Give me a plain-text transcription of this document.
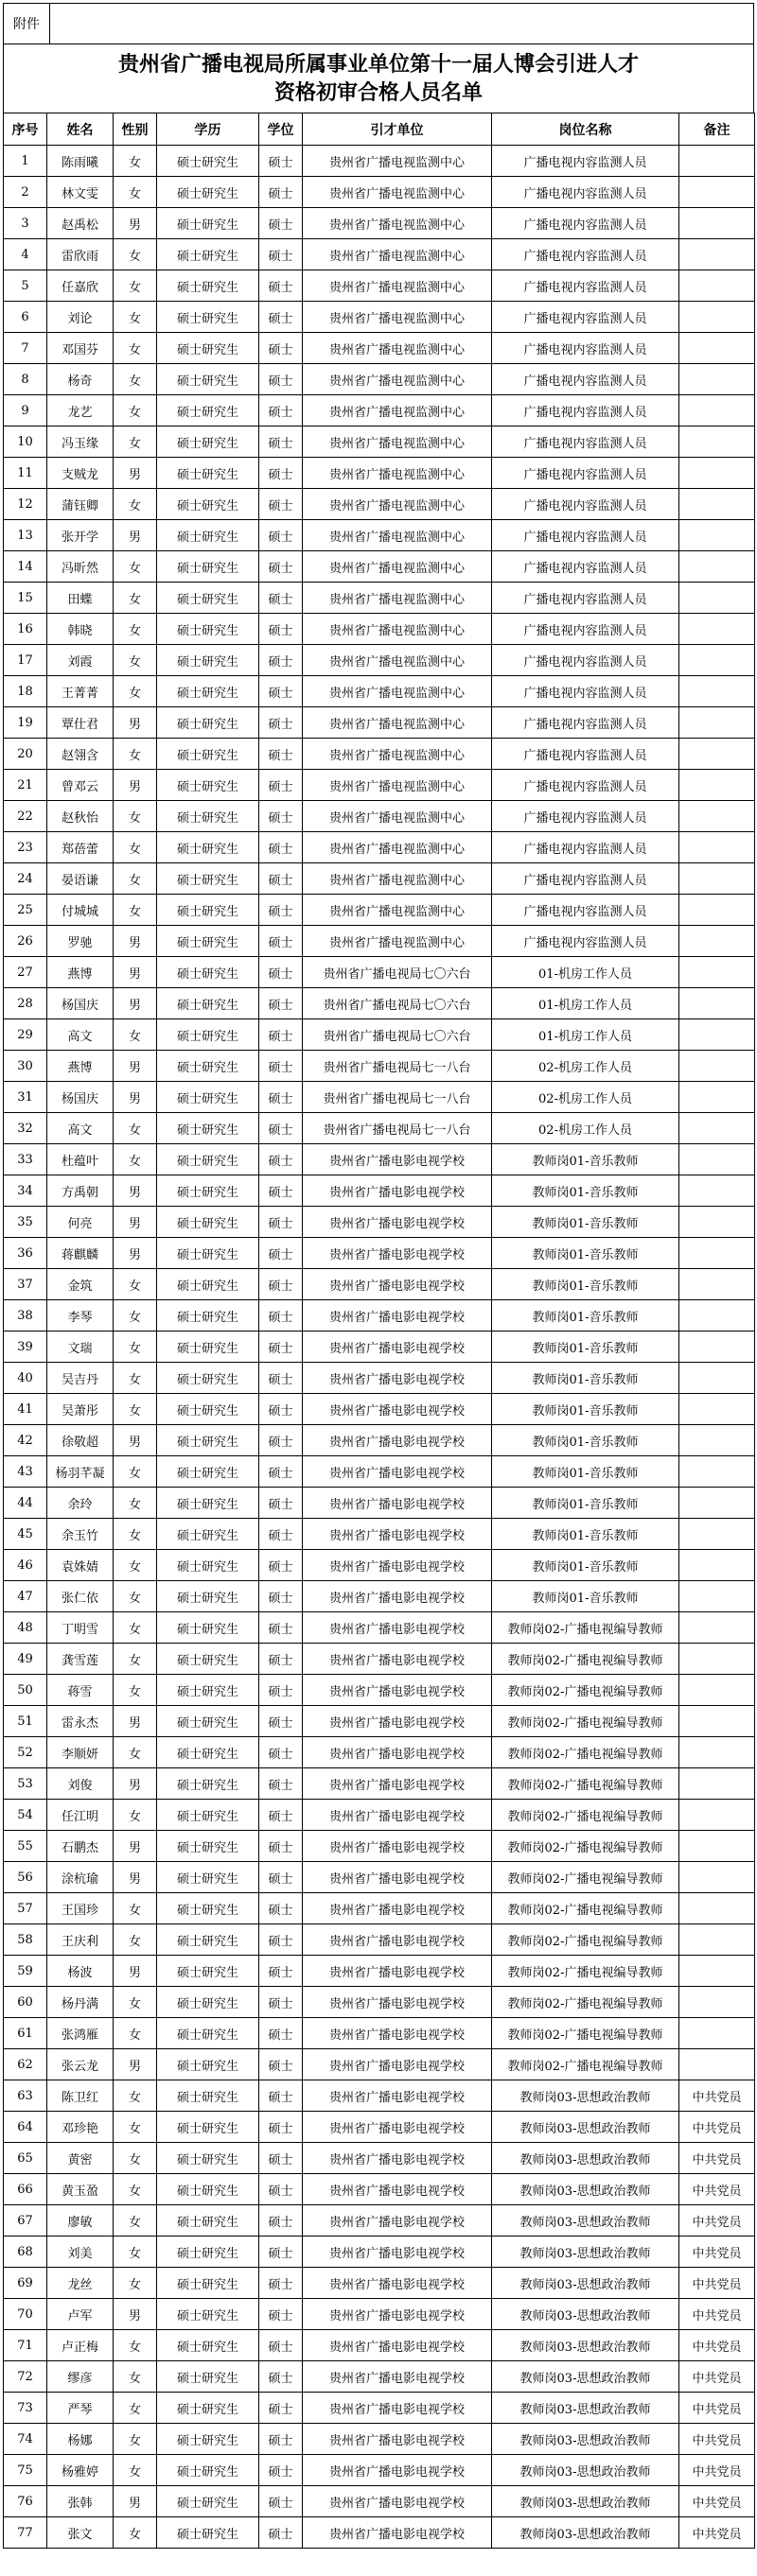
附件
贵州省广播电视局所属事业单位第十一届人博会引进人才
资格初审合格人员名单
序号	姓名	性别	学历	学位	引才单位	岗位名称	备注
1	陈雨曦	女	硕士研究生	硕士	贵州省广播电视监测中心	广播电视内容监测人员	
2	林文雯	女	硕士研究生	硕士	贵州省广播电视监测中心	广播电视内容监测人员	
3	赵禹松	男	硕士研究生	硕士	贵州省广播电视监测中心	广播电视内容监测人员	
4	雷欣雨	女	硕士研究生	硕士	贵州省广播电视监测中心	广播电视内容监测人员	
5	任嘉欣	女	硕士研究生	硕士	贵州省广播电视监测中心	广播电视内容监测人员	
6	刘论	女	硕士研究生	硕士	贵州省广播电视监测中心	广播电视内容监测人员	
7	邓国芬	女	硕士研究生	硕士	贵州省广播电视监测中心	广播电视内容监测人员	
8	杨奇	女	硕士研究生	硕士	贵州省广播电视监测中心	广播电视内容监测人员	
9	龙艺	女	硕士研究生	硕士	贵州省广播电视监测中心	广播电视内容监测人员	
10	冯玉缘	女	硕士研究生	硕士	贵州省广播电视监测中心	广播电视内容监测人员	
11	支贼龙	男	硕士研究生	硕士	贵州省广播电视监测中心	广播电视内容监测人员	
12	蒲钰卿	女	硕士研究生	硕士	贵州省广播电视监测中心	广播电视内容监测人员	
13	张开学	男	硕士研究生	硕士	贵州省广播电视监测中心	广播电视内容监测人员	
14	冯昕然	女	硕士研究生	硕士	贵州省广播电视监测中心	广播电视内容监测人员	
15	田蝶	女	硕士研究生	硕士	贵州省广播电视监测中心	广播电视内容监测人员	
16	韩晓	女	硕士研究生	硕士	贵州省广播电视监测中心	广播电视内容监测人员	
17	刘霞	女	硕士研究生	硕士	贵州省广播电视监测中心	广播电视内容监测人员	
18	王菁菁	女	硕士研究生	硕士	贵州省广播电视监测中心	广播电视内容监测人员	
19	覃仕君	男	硕士研究生	硕士	贵州省广播电视监测中心	广播电视内容监测人员	
20	赵翎含	女	硕士研究生	硕士	贵州省广播电视监测中心	广播电视内容监测人员	
21	曾邓云	男	硕士研究生	硕士	贵州省广播电视监测中心	广播电视内容监测人员	
22	赵秋怡	女	硕士研究生	硕士	贵州省广播电视监测中心	广播电视内容监测人员	
23	郑蓓蕾	女	硕士研究生	硕士	贵州省广播电视监测中心	广播电视内容监测人员	
24	晏语谦	女	硕士研究生	硕士	贵州省广播电视监测中心	广播电视内容监测人员	
25	付城城	女	硕士研究生	硕士	贵州省广播电视监测中心	广播电视内容监测人员	
26	罗驰	男	硕士研究生	硕士	贵州省广播电视监测中心	广播电视内容监测人员	
27	燕博	男	硕士研究生	硕士	贵州省广播电视局七〇六台	01-机房工作人员	
28	杨国庆	男	硕士研究生	硕士	贵州省广播电视局七〇六台	01-机房工作人员	
29	高文	女	硕士研究生	硕士	贵州省广播电视局七〇六台	01-机房工作人员	
30	燕博	男	硕士研究生	硕士	贵州省广播电视局七一八台	02-机房工作人员	
31	杨国庆	男	硕士研究生	硕士	贵州省广播电视局七一八台	02-机房工作人员	
32	高文	女	硕士研究生	硕士	贵州省广播电视局七一八台	02-机房工作人员	
33	杜蕴叶	女	硕士研究生	硕士	贵州省广播电影电视学校	教师岗01-音乐教师	
34	方禹朝	男	硕士研究生	硕士	贵州省广播电影电视学校	教师岗01-音乐教师	
35	何亮	男	硕士研究生	硕士	贵州省广播电影电视学校	教师岗01-音乐教师	
36	蒋麒麟	男	硕士研究生	硕士	贵州省广播电影电视学校	教师岗01-音乐教师	
37	金筑	女	硕士研究生	硕士	贵州省广播电影电视学校	教师岗01-音乐教师	
38	李琴	女	硕士研究生	硕士	贵州省广播电影电视学校	教师岗01-音乐教师	
39	文瑞	女	硕士研究生	硕士	贵州省广播电影电视学校	教师岗01-音乐教师	
40	吴吉丹	女	硕士研究生	硕士	贵州省广播电影电视学校	教师岗01-音乐教师	
41	吴萧彤	女	硕士研究生	硕士	贵州省广播电影电视学校	教师岗01-音乐教师	
42	徐敬超	男	硕士研究生	硕士	贵州省广播电影电视学校	教师岗01-音乐教师	
43	杨羽芊凝	女	硕士研究生	硕士	贵州省广播电影电视学校	教师岗01-音乐教师	
44	余玲	女	硕士研究生	硕士	贵州省广播电影电视学校	教师岗01-音乐教师	
45	余玉竹	女	硕士研究生	硕士	贵州省广播电影电视学校	教师岗01-音乐教师	
46	袁姝婧	女	硕士研究生	硕士	贵州省广播电影电视学校	教师岗01-音乐教师	
47	张仁依	女	硕士研究生	硕士	贵州省广播电影电视学校	教师岗01-音乐教师	
48	丁明雪	女	硕士研究生	硕士	贵州省广播电影电视学校	教师岗02-广播电视编导教师	
49	龚雪莲	女	硕士研究生	硕士	贵州省广播电影电视学校	教师岗02-广播电视编导教师	
50	蒋雪	女	硕士研究生	硕士	贵州省广播电影电视学校	教师岗02-广播电视编导教师	
51	雷永杰	男	硕士研究生	硕士	贵州省广播电影电视学校	教师岗02-广播电视编导教师	
52	李顺妍	女	硕士研究生	硕士	贵州省广播电影电视学校	教师岗02-广播电视编导教师	
53	刘俊	男	硕士研究生	硕士	贵州省广播电影电视学校	教师岗02-广播电视编导教师	
54	任江明	女	硕士研究生	硕士	贵州省广播电影电视学校	教师岗02-广播电视编导教师	
55	石鹏杰	男	硕士研究生	硕士	贵州省广播电影电视学校	教师岗02-广播电视编导教师	
56	涂杭瑜	男	硕士研究生	硕士	贵州省广播电影电视学校	教师岗02-广播电视编导教师	
57	王国珍	女	硕士研究生	硕士	贵州省广播电影电视学校	教师岗02-广播电视编导教师	
58	王庆利	女	硕士研究生	硕士	贵州省广播电影电视学校	教师岗02-广播电视编导教师	
59	杨波	男	硕士研究生	硕士	贵州省广播电影电视学校	教师岗02-广播电视编导教师	
60	杨丹满	女	硕士研究生	硕士	贵州省广播电影电视学校	教师岗02-广播电视编导教师	
61	张鸿雁	女	硕士研究生	硕士	贵州省广播电影电视学校	教师岗02-广播电视编导教师	
62	张云龙	男	硕士研究生	硕士	贵州省广播电影电视学校	教师岗02-广播电视编导教师	
63	陈卫红	女	硕士研究生	硕士	贵州省广播电影电视学校	教师岗03-思想政治教师	中共党员
64	邓珍艳	女	硕士研究生	硕士	贵州省广播电影电视学校	教师岗03-思想政治教师	中共党员
65	黄密	女	硕士研究生	硕士	贵州省广播电影电视学校	教师岗03-思想政治教师	中共党员
66	黄玉盈	女	硕士研究生	硕士	贵州省广播电影电视学校	教师岗03-思想政治教师	中共党员
67	廖敏	女	硕士研究生	硕士	贵州省广播电影电视学校	教师岗03-思想政治教师	中共党员
68	刘美	女	硕士研究生	硕士	贵州省广播电影电视学校	教师岗03-思想政治教师	中共党员
69	龙丝	女	硕士研究生	硕士	贵州省广播电影电视学校	教师岗03-思想政治教师	中共党员
70	卢军	男	硕士研究生	硕士	贵州省广播电影电视学校	教师岗03-思想政治教师	中共党员
71	卢正梅	女	硕士研究生	硕士	贵州省广播电影电视学校	教师岗03-思想政治教师	中共党员
72	缪彦	女	硕士研究生	硕士	贵州省广播电影电视学校	教师岗03-思想政治教师	中共党员
73	严琴	女	硕士研究生	硕士	贵州省广播电影电视学校	教师岗03-思想政治教师	中共党员
74	杨娜	女	硕士研究生	硕士	贵州省广播电影电视学校	教师岗03-思想政治教师	中共党员
75	杨雅婷	女	硕士研究生	硕士	贵州省广播电影电视学校	教师岗03-思想政治教师	中共党员
76	张韩	男	硕士研究生	硕士	贵州省广播电影电视学校	教师岗03-思想政治教师	中共党员
77	张文	女	硕士研究生	硕士	贵州省广播电影电视学校	教师岗03-思想政治教师	中共党员
